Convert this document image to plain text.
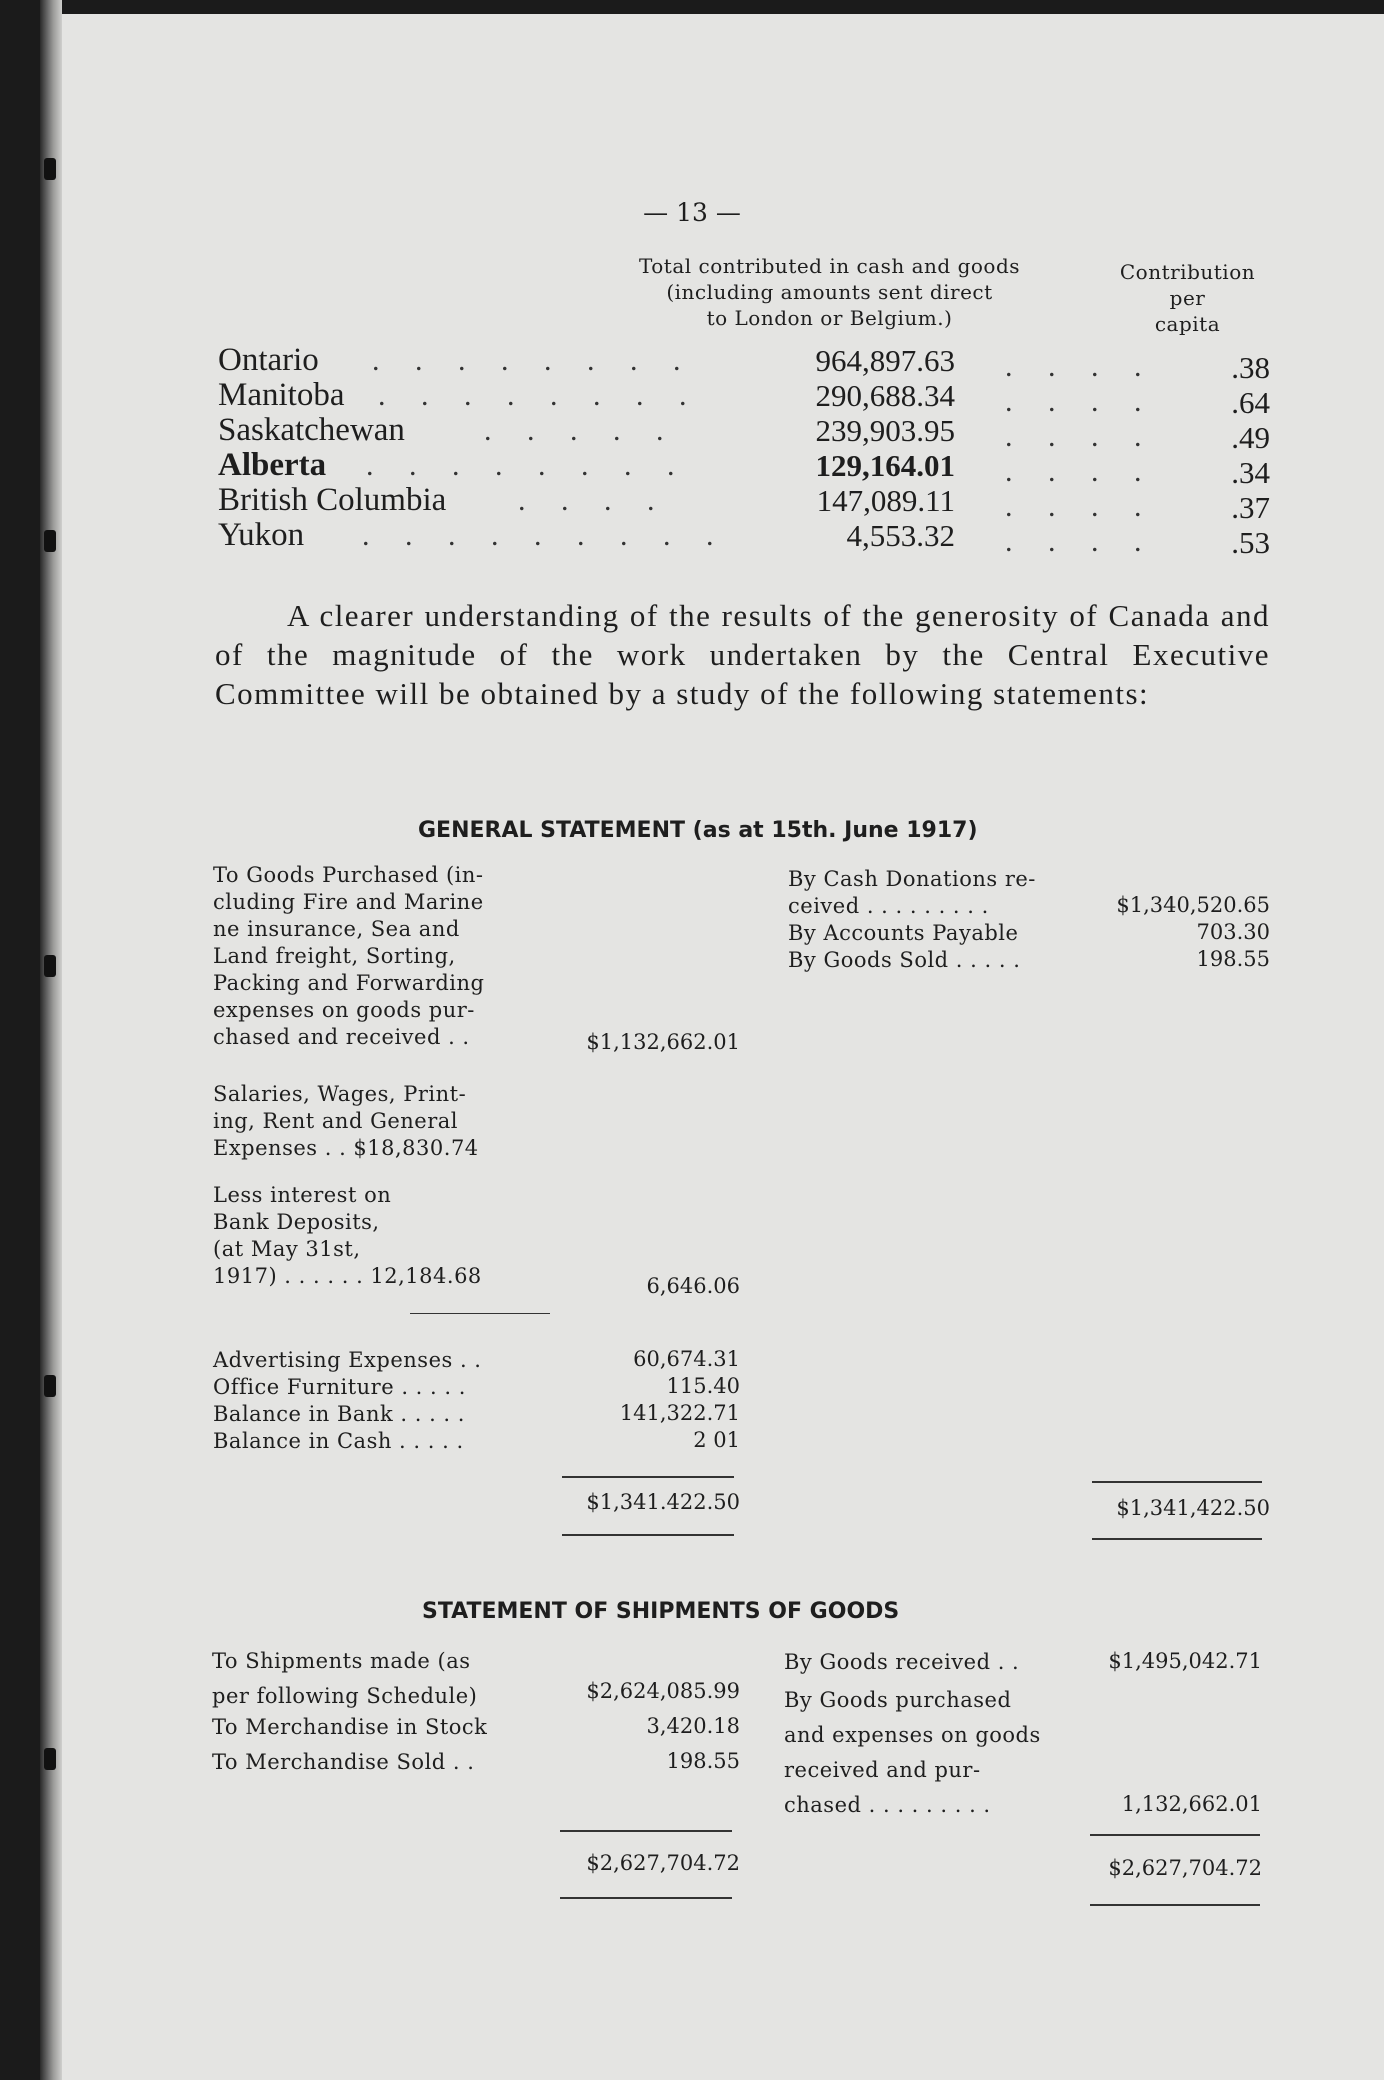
— 13 —
Total contributed in cash and goods
(including amounts sent direct
to London or Belgium.)
Contribution
per
capita
Ontario . . . . . . . .	964,897.63 . . . .	.38
Manitoba . . . . . . . .	290,688.34 . . . .	.64
Saskatchewan	. . . . .	239,903.95 . . . .	.49
Alberta . . . . . . . .	129,164.01 . . . .	.34
British Columbia . . . .	147,089.11 . . . .	.37
Yukon . . . . . . . . .	4,553.32 . . . .	.53
A clearer understanding of the results of the generosity of Canada and of the magnitude of the work undertaken by the Central Executive Committee will be obtained by a study of the following statements:
GENERAL STATEMENT (as at 15th. June 1917)
To Goods Purchased (in-
cluding Fire and Marine
ne insurance, Sea and
Land freight, Sorting,
Packing and Forwarding
expenses on goods pur-
chased and received . .	$1,132,662.01
Salaries, Wages, Print-
ing, Rent and General
Expenses . . $18,830.74
Less interest on
Bank Deposits,
(at May 31st,
1917) . . . . . . 12,184.68	6,646.06
Advertising Expenses . .	60,674.31
Office Furniture . . . . .	115.40
Balance in Bank . . . . .	141,322.71
Balance in Cash . . . . .	2 01
$1,341.422.50
By Cash Donations re-
ceived . . . . . . . . .	$1,340,520.65
By Accounts Payable	703.30
By Goods Sold . . . . .	198.55
$1,341,422.50
STATEMENT OF SHIPMENTS OF GOODS
To Shipments made (as
per following Schedule)	$2,624,085.99
To Merchandise in Stock	3,420.18
To Merchandise Sold . .	198.55
$2,627,704.72
By Goods received . .	$1,495,042.71
By Goods purchased
and expenses on goods
received and pur-
chased . . . . . . . . .	1,132,662.01
$2,627,704.72
